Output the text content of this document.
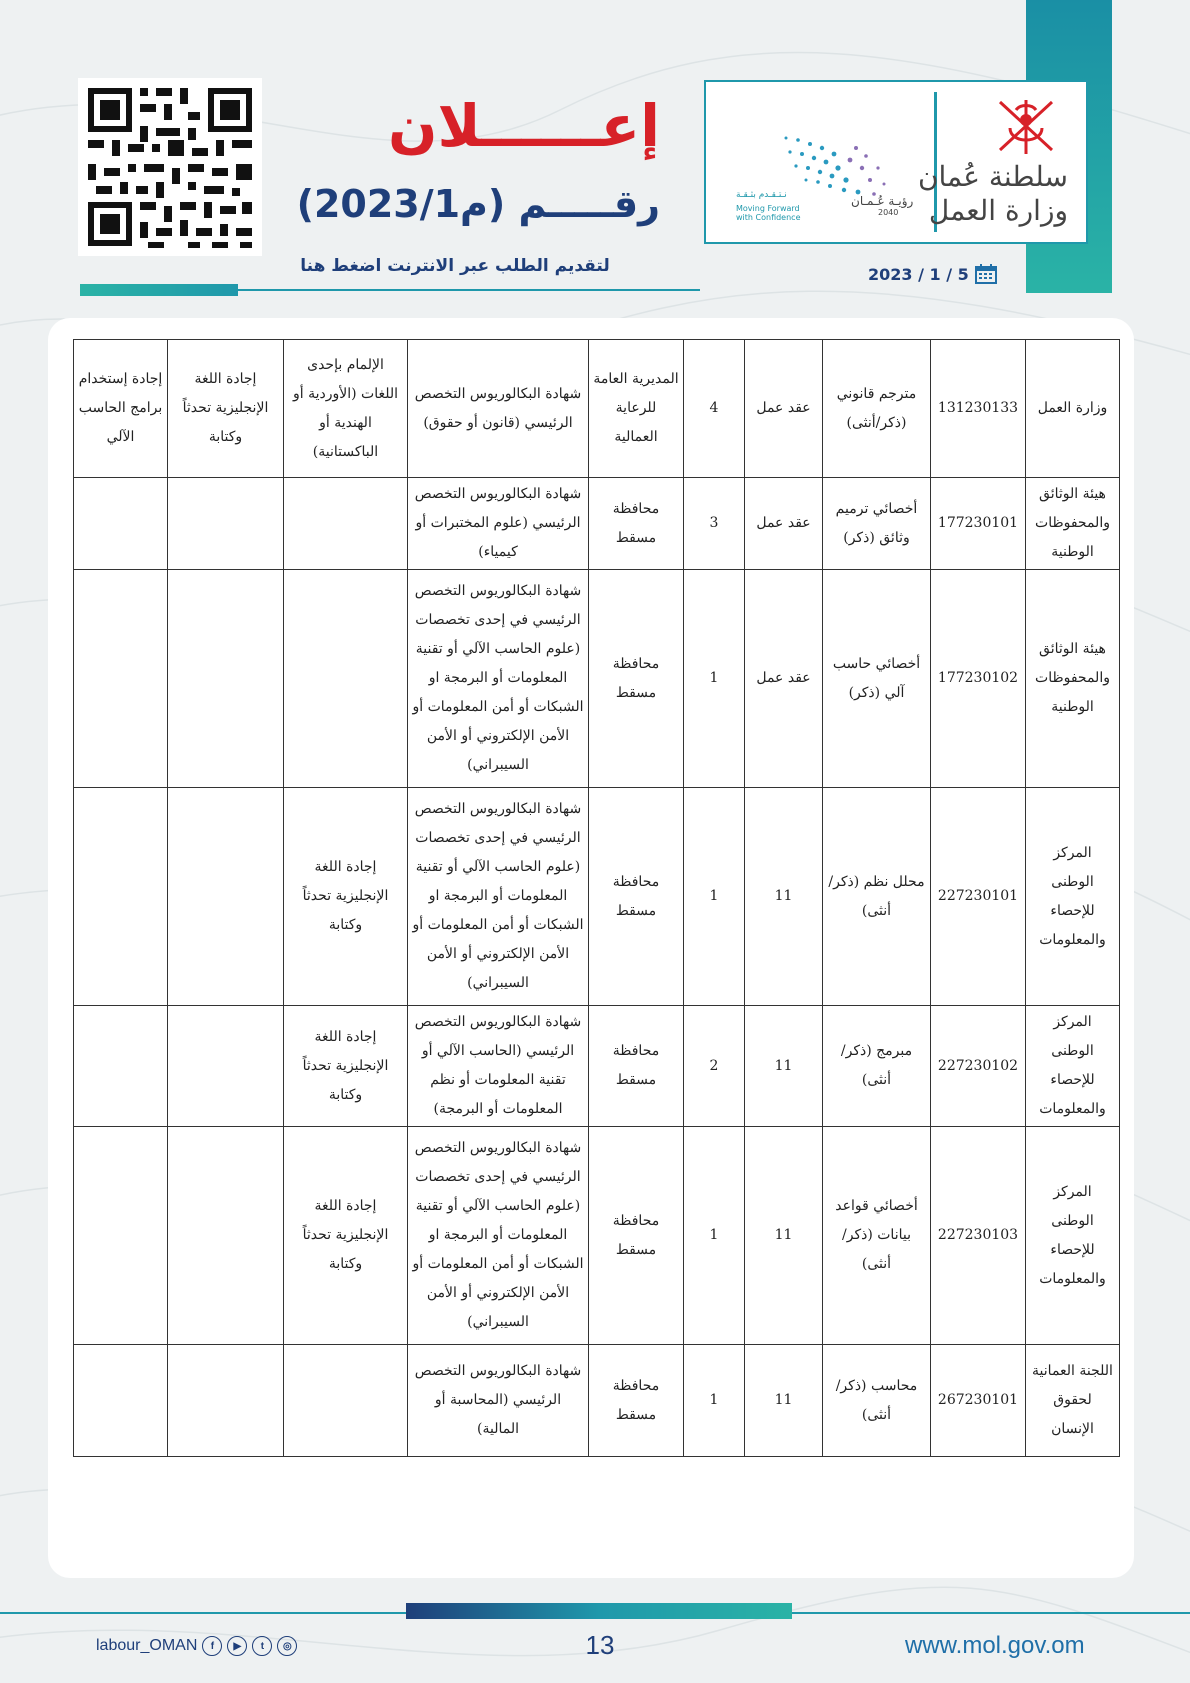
رؤيـة عُـمـان
2040
نـتـقـدم بثـقـة
Moving Forward
with Confidence
سلطنة عُمان
وزارة العمل
2023 / 1 / 5
إعــــــلان
رقـــــم (م2023/1)
لتقديم الطلب عبر الانترنت اضغط هنا
وزارة العمل	131230133	مترجم قانوني (ذكر/أنثى)	عقد عمل	4	المديرية العامة للرعاية العمالية	شهادة البكالوريوس التخصص الرئيسي (قانون أو حقوق)	الإلمام بإحدى اللغات (الأوردية أو الهندية أو الباكستانية)	إجادة اللغة الإنجليزية تحدثاً وكتابة	إجادة إستخدام برامج الحاسب الآلي
هيئة الوثائق والمحفوظات الوطنية	177230101	أخصائي ترميم وثائق (ذكر)	عقد عمل	3	محافظة مسقط	شهادة البكالوريوس التخصص الرئيسي (علوم المختبرات أو كيمياء)			
هيئة الوثائق والمحفوظات الوطنية	177230102	أخصائي حاسب آلي (ذكر)	عقد عمل	1	محافظة مسقط	شهادة البكالوريوس التخصص الرئيسي في إحدى تخصصات (علوم الحاسب الآلي أو تقنية المعلومات أو البرمجة او الشبكات أو أمن المعلومات أو الأمن الإلكتروني أو الأمن السيبراني)			
المركز الوطنى للإحصاء والمعلومات	227230101	محلل نظم (ذكر/أنثى)	11	1	محافظة مسقط	شهادة البكالوريوس التخصص الرئيسي في إحدى تخصصات (علوم الحاسب الآلي أو تقنية المعلومات أو البرمجة او الشبكات أو أمن المعلومات أو الأمن الإلكتروني أو الأمن السيبراني)	إجادة اللغة الإنجليزية تحدثاً وكتابة		
المركز الوطنى للإحصاء والمعلومات	227230102	مبرمج (ذكر/ أنثى)	11	2	محافظة مسقط	شهادة البكالوريوس التخصص الرئيسي (الحاسب الآلي أو تقنية المعلومات أو نظم المعلومات أو البرمجة)	إجادة اللغة الإنجليزية تحدثاً وكتابة		
المركز الوطنى للإحصاء والمعلومات	227230103	أخصائي قواعد بيانات (ذكر/ أنثى)	11	1	محافظة مسقط	شهادة البكالوريوس التخصص الرئيسي في إحدى تخصصات (علوم الحاسب الآلي أو تقنية المعلومات أو البرمجة او الشبكات أو أمن المعلومات أو الأمن الإلكتروني أو الأمن السيبراني)	إجادة اللغة الإنجليزية تحدثاً وكتابة		
اللجنة العمانية لحقوق الإنسان	267230101	محاسب (ذكر/ أنثى)	11	1	محافظة مسقط	شهادة البكالوريوس التخصص الرئيسي (المحاسبة أو المالية)			
13	www.mol.gov.om
labour_OMAN	f	▶	t	◎
